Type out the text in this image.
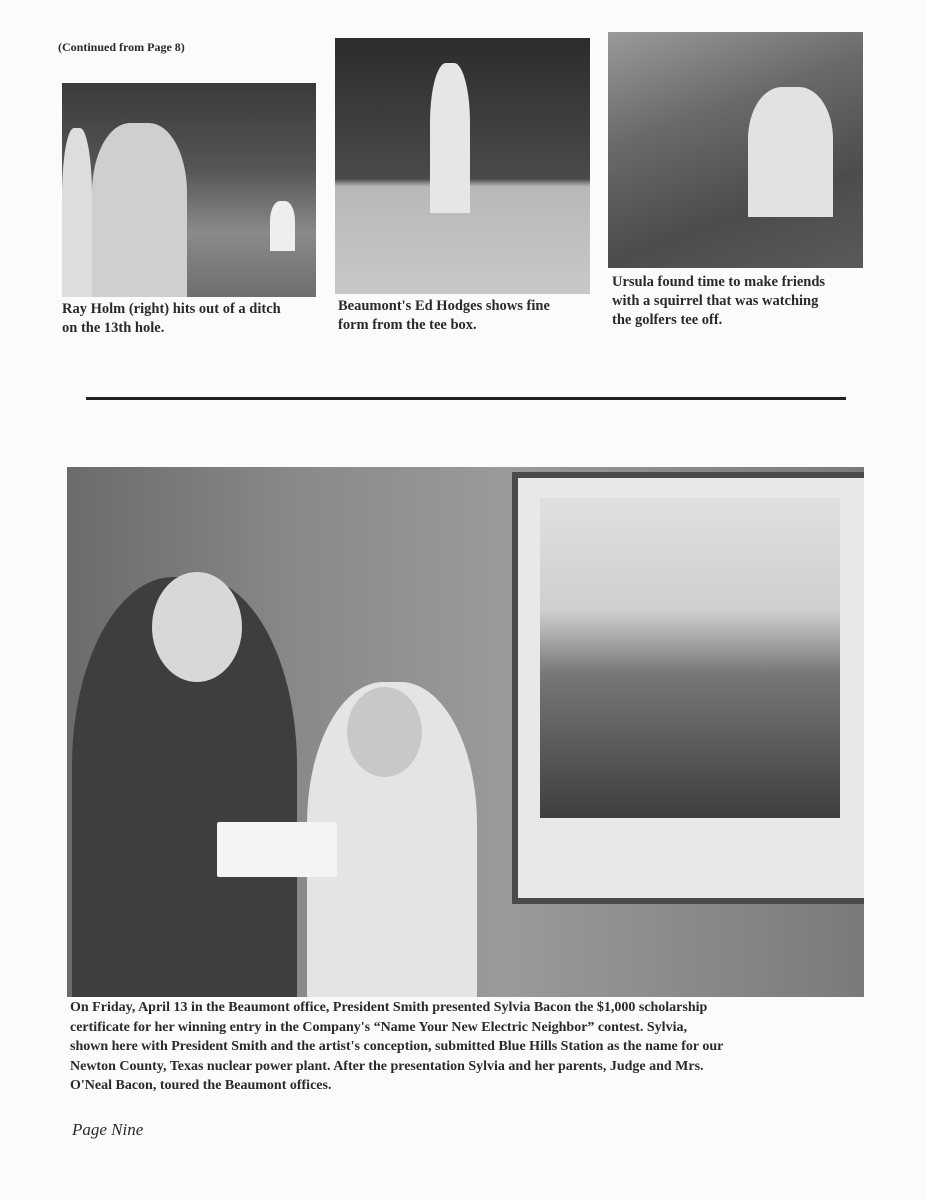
(Continued from Page 8)
Ray Holm (right) hits out of a ditch
on the 13th hole.
Beaumont's Ed Hodges shows fine
form from the tee box.
Ursula found time to make friends
with a squirrel that was watching
the golfers tee off.
On Friday, April 13 in the Beaumont office, President Smith presented Sylvia Bacon the $1,000 scholarship
certificate for her winning entry in the Company's “Name Your New Electric Neighbor” contest. Sylvia,
shown here with President Smith and the artist's conception, submitted Blue Hills Station as the name for our
Newton County, Texas nuclear power plant. After the presentation Sylvia and her parents, Judge and Mrs.
O'Neal Bacon, toured the Beaumont offices.
Page Nine
